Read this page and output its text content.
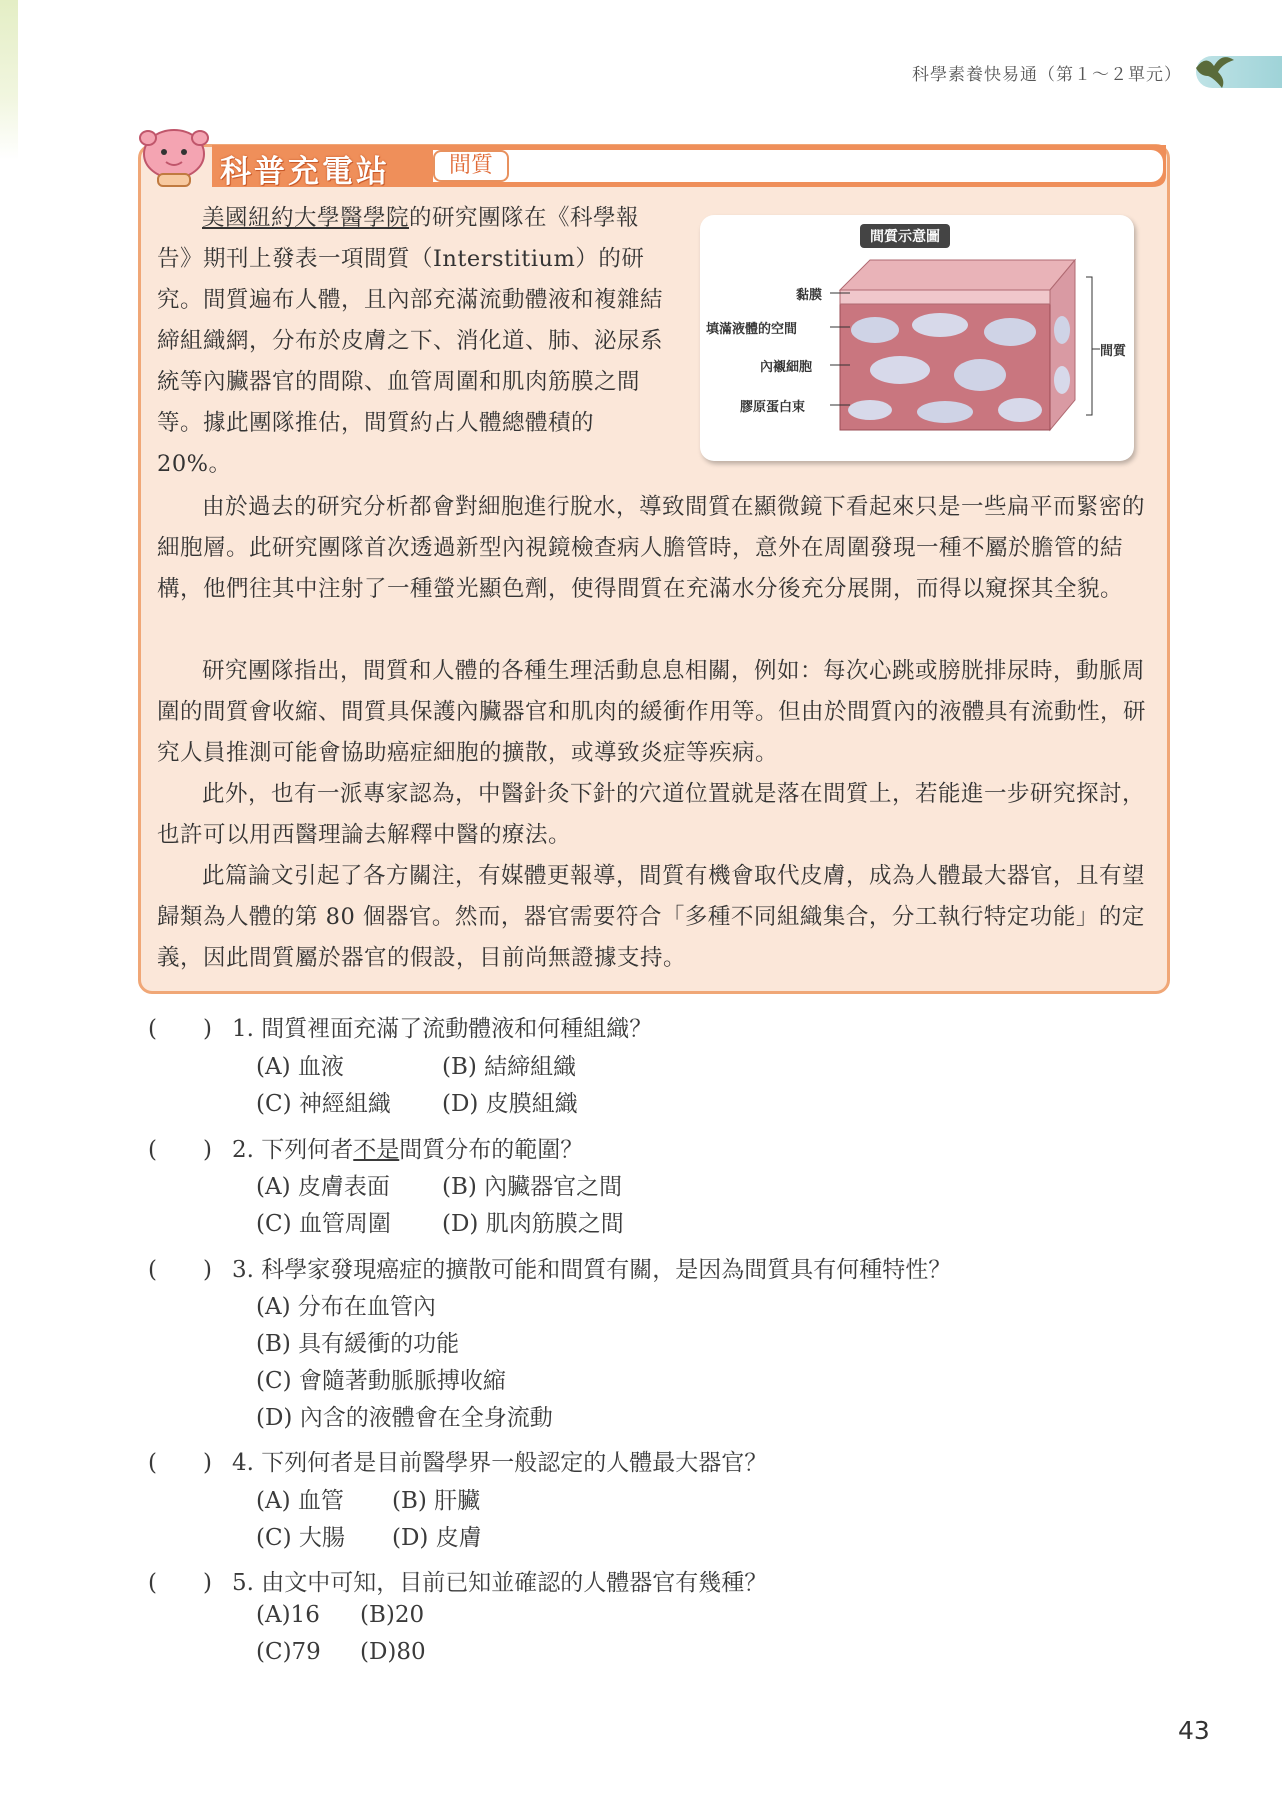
科學素養快易通（第１～２單元）
科普充電站	間質
美國紐約大學醫學院的研究團隊在《科學報告》期刊上發表一項間質（Interstitium）的研究。間質遍布人體，且內部充滿流動體液和複雜結締組織網，分布於皮膚之下、消化道、肺、泌尿系統等內臟器官的間隙、血管周圍和肌肉筋膜之間等。據此團隊推估，間質約占人體總體積的 20%。
間質示意圖
黏膜
填滿液體的空間
內襯細胞
膠原蛋白束
間質
由於過去的研究分析都會對細胞進行脫水，導致間質在顯微鏡下看起來只是一些扁平而緊密的細胞層。此研究團隊首次透過新型內視鏡檢查病人膽管時，意外在周圍發現一種不屬於膽管的結構，他們往其中注射了一種螢光顯色劑，使得間質在充滿水分後充分展開，而得以窺探其全貌。
研究團隊指出，間質和人體的各種生理活動息息相關，例如：每次心跳或膀胱排尿時，動脈周圍的間質會收縮、間質具保護內臟器官和肌肉的緩衝作用等。但由於間質內的液體具有流動性，研究人員推測可能會協助癌症細胞的擴散，或導致炎症等疾病。
此外，也有一派專家認為，中醫針灸下針的穴道位置就是落在間質上，若能進一步研究探討，也許可以用西醫理論去解釋中醫的療法。
此篇論文引起了各方關注，有媒體更報導，間質有機會取代皮膚，成為人體最大器官，且有望歸類為人體的第 80 個器官。然而，器官需要符合「多種不同組織集合，分工執行特定功能」的定義，因此間質屬於器官的假設，目前尚無證據支持。
(　　) 1. 間質裡面充滿了流動體液和何種組織？
(A) 血液	(B) 結締組織
(C) 神經組織 (D) 皮膜組織
(　　) 2. 下列何者不是間質分布的範圍？
(A) 皮膚表面 (B) 內臟器官之間
(C) 血管周圍 (D) 肌肉筋膜之間
(　　) 3. 科學家發現癌症的擴散可能和間質有關，是因為間質具有何種特性？
(A) 分布在血管內
(B) 具有緩衝的功能
(C) 會隨著動脈脈搏收縮
(D) 內含的液體會在全身流動
(　　) 4. 下列何者是目前醫學界一般認定的人體最大器官？
(A) 血管 (B) 肝臟
(C) 大腸 (D) 皮膚
(　　) 5. 由文中可知，目前已知並確認的人體器官有幾種？
(A)16 (B)20
(C)79 (D)80
43
